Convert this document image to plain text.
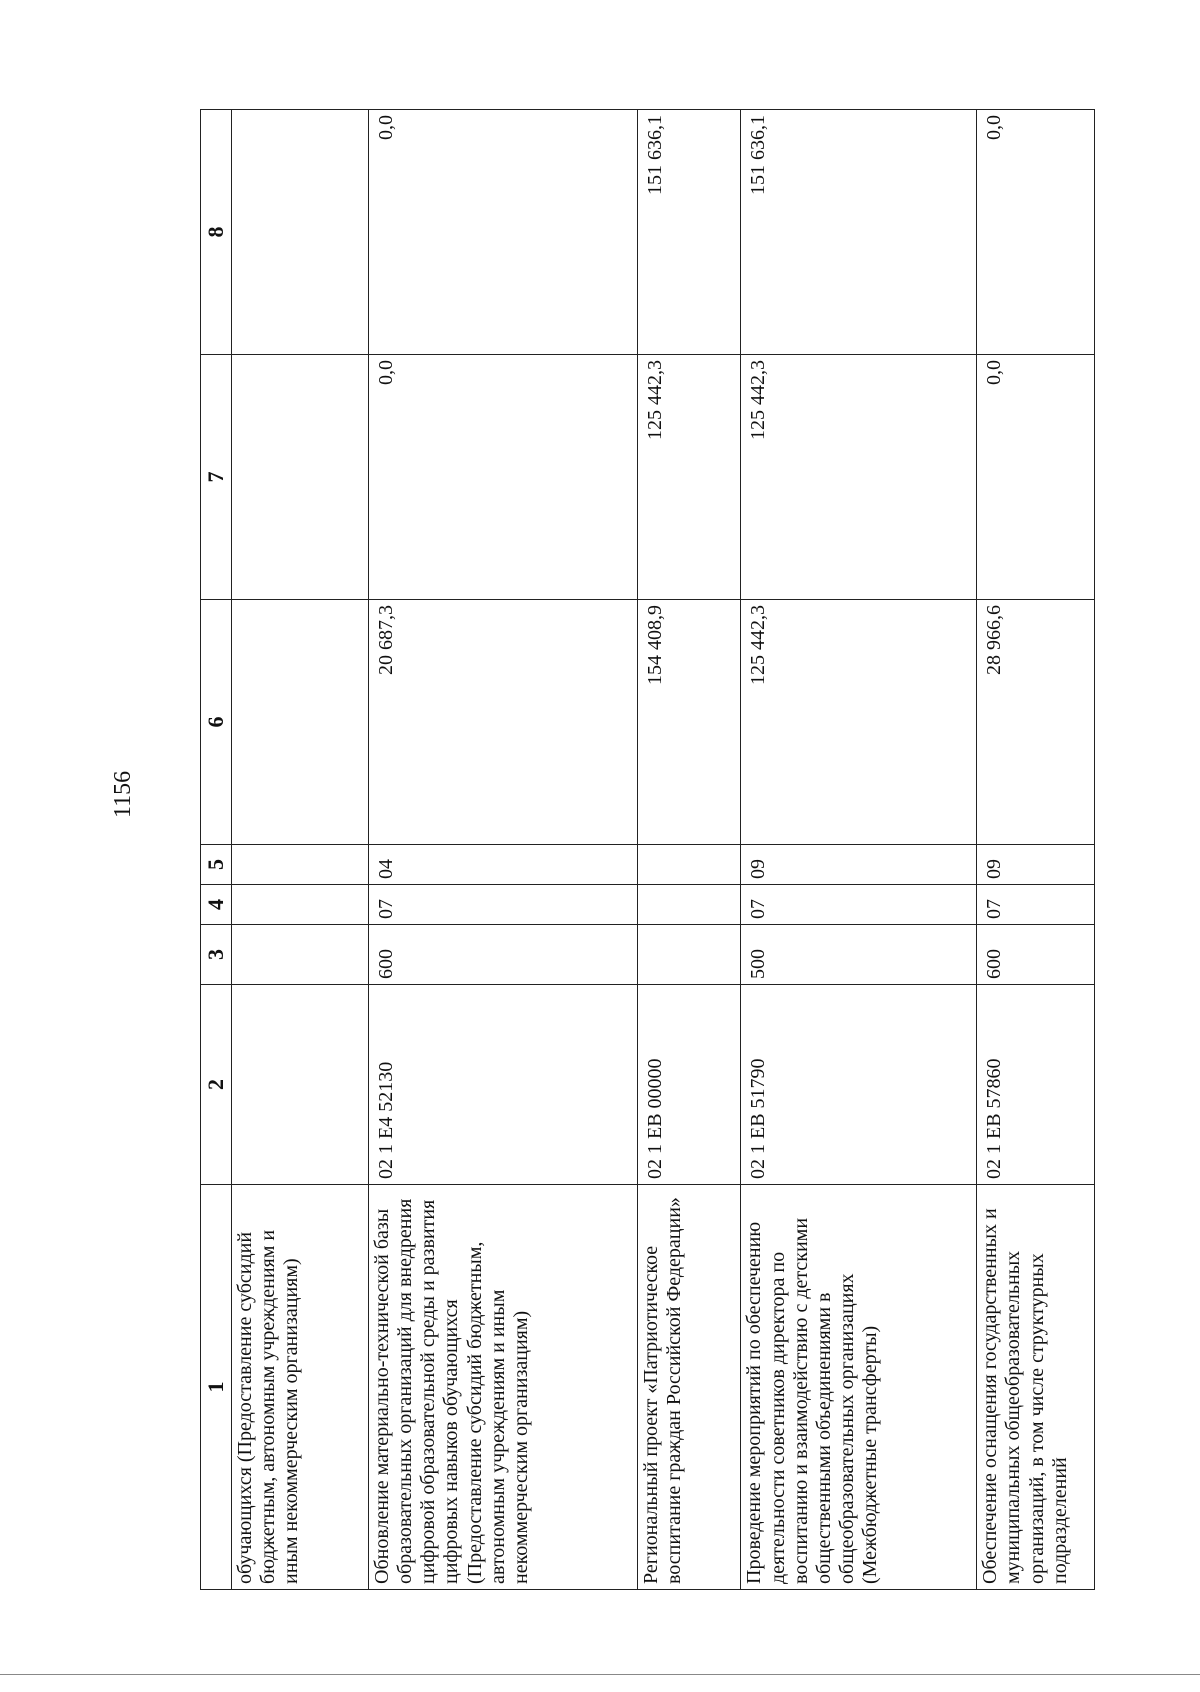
1156
1	2	3	4	5	6	7	8
обучающихся (Предоставление субсидий бюджетным, автономным учреждениям и иным некоммерческим организациям)							
Обновление материально-технической базы образовательных организаций для внедрения цифровой образовательной среды и развития цифровых навыков обучающихся (Предоставление субсидий бюджетным, автономным учреждениям и иным некоммерческим организациям)	02 1 E4 52130	600	07	04	20 687,3	0,0	0,0
Региональный проект «Патриотическое воспитание граждан Российской Федерации»	02 1 EB 00000				154 408,9	125 442,3	151 636,1
Проведение мероприятий по обеспечению деятельности советников директора по воспитанию и взаимодействию с детскими общественными объединениями в общеобразовательных организациях (Межбюджетные трансферты)	02 1 EB 51790	500	07	09	125 442,3	125 442,3	151 636,1
Обеспечение оснащения государственных и муниципальных общеобразовательных организаций, в том числе структурных подразделений	02 1 EB 57860	600	07	09	28 966,6	0,0	0,0
